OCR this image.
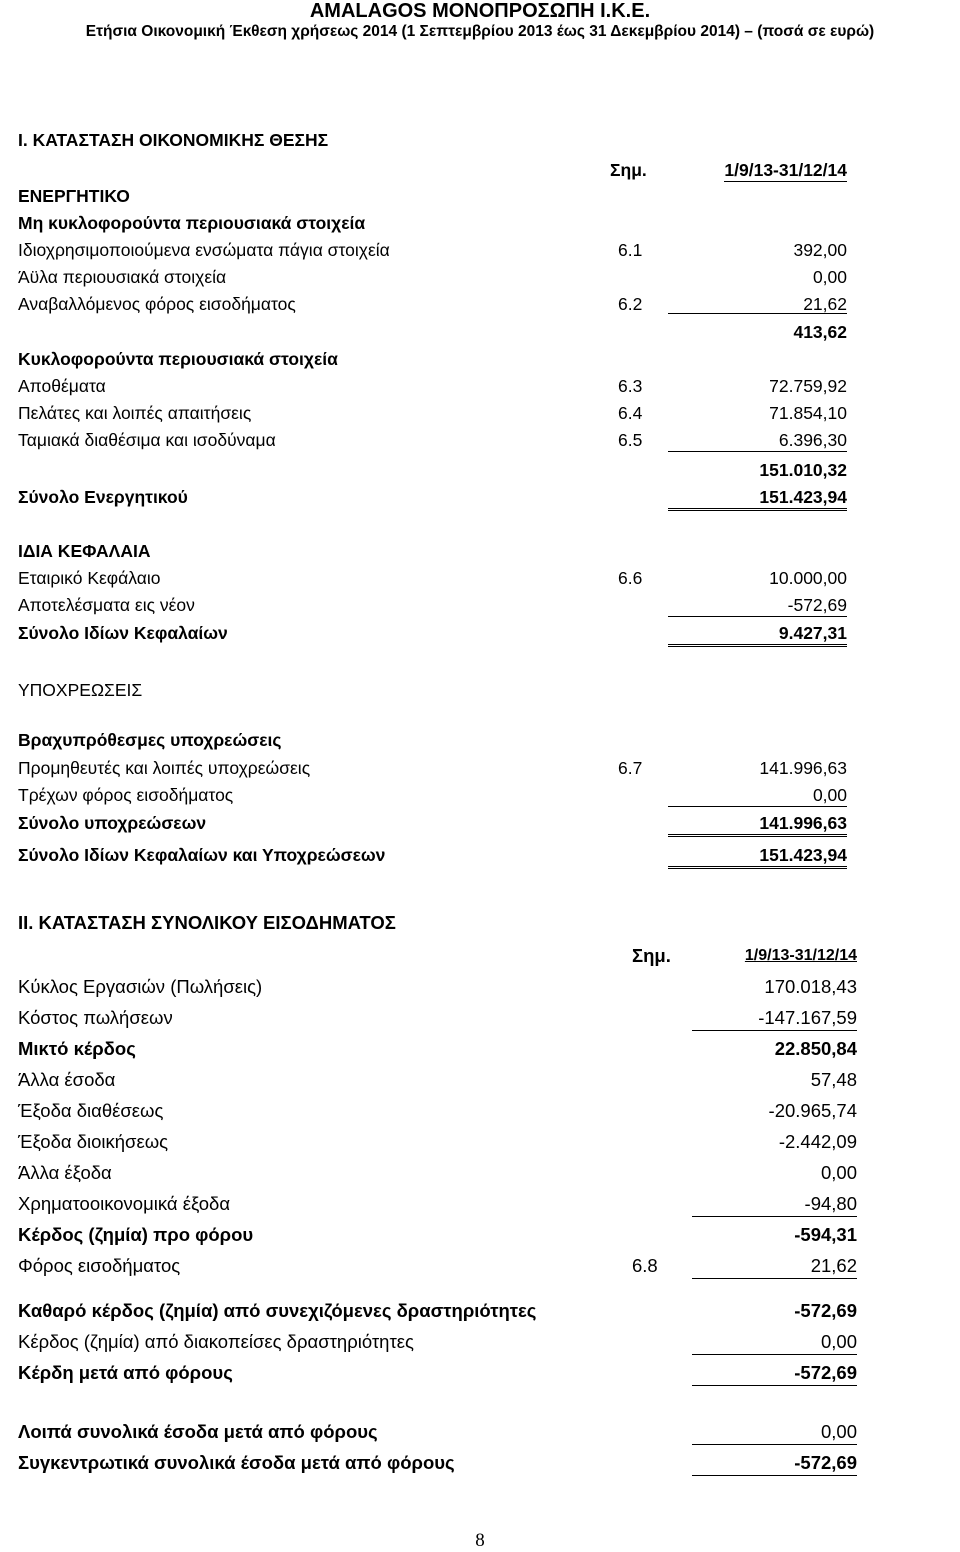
AMALAGOS ΜΟΝΟΠΡΟΣΩΠΗ Ι.Κ.Ε.
Ετήσια Οικονομική Έκθεση χρήσεως 2014 (1 Σεπτεμβρίου 2013 έως 31 Δεκεμβρίου 2014) – (ποσά σε ευρώ)
I. ΚΑΤΑΣΤΑΣΗ ΟΙΚΟΝΟΜΙΚΗΣ ΘΕΣΗΣ
Σημ.	1/9/13-31/12/14
ΕΝΕΡΓΗΤΙΚΟ
Μη κυκλοφορούντα περιουσιακά στοιχεία
Ιδιοχρησιμοποιούμενα ενσώματα πάγια στοιχεία	6.1	392,00
Άϋλα περιουσιακά στοιχεία	0,00
Αναβαλλόμενος φόρος εισοδήματος	6.2	21,62
413,62
Κυκλοφορούντα περιουσιακά στοιχεία
Αποθέματα	6.3	72.759,92
Πελάτες και λοιπές απαιτήσεις	6.4	71.854,10
Ταμιακά διαθέσιμα και ισοδύναμα	6.5	6.396,30
151.010,32
Σύνολο Ενεργητικού	151.423,94
ΙΔΙΑ ΚΕΦΑΛΑΙΑ
Εταιρικό Κεφάλαιο	6.6	10.000,00
Αποτελέσματα εις νέον	-572,69
Σύνολο Ιδίων Κεφαλαίων	9.427,31
ΥΠΟΧΡΕΩΣΕΙΣ
Βραχυπρόθεσμες υποχρεώσεις
Προμηθευτές και λοιπές υποχρεώσεις	6.7	141.996,63
Τρέχων φόρος εισοδήματος	0,00
Σύνολο υποχρεώσεων	141.996,63
Σύνολο Ιδίων Κεφαλαίων και Υποχρεώσεων	151.423,94
II. ΚΑΤΑΣΤΑΣΗ ΣΥΝΟΛΙΚΟΥ ΕΙΣΟΔΗΜΑΤΟΣ
Σημ.	1/9/13-31/12/14
Κύκλος Εργασιών (Πωλήσεις)	170.018,43
Κόστος πωλήσεων	-147.167,59
Μικτό κέρδος	22.850,84
Άλλα έσοδα	57,48
Έξοδα διαθέσεως	-20.965,74
Έξοδα διοικήσεως	-2.442,09
Άλλα έξοδα	0,00
Χρηματοοικονομικά έξοδα	-94,80
Κέρδος (ζημία) προ φόρου	-594,31
Φόρος εισοδήματος	6.8	21,62
Καθαρό κέρδος (ζημία) από συνεχιζόμενες δραστηριότητες	-572,69
Κέρδος (ζημία) από διακοπείσες δραστηριότητες	0,00
Κέρδη μετά από φόρους	-572,69
Λοιπά συνολικά έσοδα μετά από φόρους	0,00
Συγκεντρωτικά συνολικά έσοδα μετά από φόρους	-572,69
8
